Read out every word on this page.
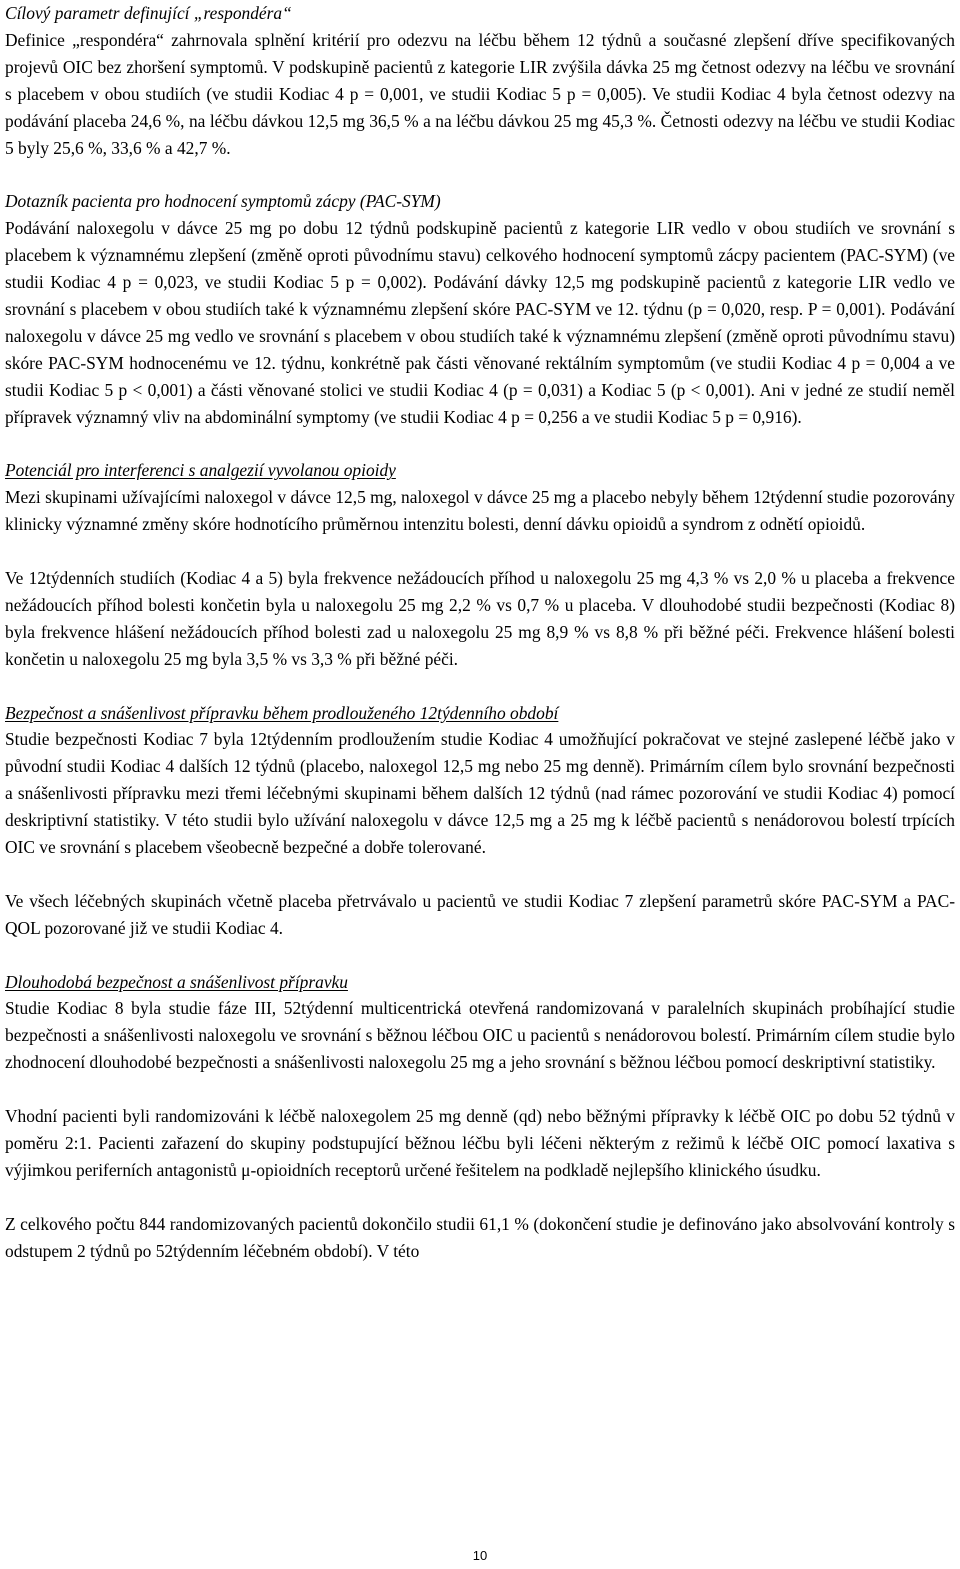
Cílový parametr definující „respondéra“

Definice „respondéra“ zahrnovala splnění kritérií pro odezvu na léčbu během 12 týdnů a současné zlepšení dříve specifikovaných projevů OIC bez zhoršení symptomů. V podskupině pacientů z kategorie LIR zvýšila dávka 25 mg četnost odezvy na léčbu ve srovnání s placebem v obou studiích (ve studii Kodiac 4 p = 0,001, ve studii Kodiac 5 p = 0,005). Ve studii Kodiac 4 byla četnost odezvy na podávání placeba 24,6 %, na léčbu dávkou 12,5 mg 36,5 % a na léčbu dávkou 25 mg 45,3 %. Četnosti odezvy na léčbu ve studii Kodiac 5 byly 25,6 %, 33,6 % a 42,7 %.

Dotazník pacienta pro hodnocení symptomů zácpy (PAC-SYM)

Podávání naloxegolu v dávce 25 mg po dobu 12 týdnů podskupině pacientů z kategorie LIR vedlo v obou studiích ve srovnání s placebem k významnému zlepšení (změně oproti původnímu stavu) celkového hodnocení symptomů zácpy pacientem (PAC-SYM) (ve studii Kodiac 4 p = 0,023, ve studii Kodiac 5 p = 0,002). Podávání dávky 12,5 mg podskupině pacientů z kategorie LIR vedlo ve srovnání s placebem v obou studiích také k významnému zlepšení skóre PAC-SYM ve 12. týdnu (p = 0,020, resp. P = 0,001). Podávání naloxegolu v dávce 25 mg vedlo ve srovnání s placebem v obou studiích také k významnému zlepšení (změně oproti původnímu stavu) skóre PAC-SYM hodnocenému ve 12. týdnu, konkrétně pak části věnované rektálním symptomům (ve studii Kodiac 4 p = 0,004 a ve studii Kodiac 5 p < 0,001) a části věnované stolici ve studii Kodiac 4 (p = 0,031) a Kodiac 5 (p < 0,001). Ani v jedné ze studií neměl přípravek významný vliv na abdominální symptomy (ve studii Kodiac 4 p = 0,256 a ve studii Kodiac 5 p = 0,916).

Potenciál pro interferenci s analgezií vyvolanou opioidy

Mezi skupinami užívajícími naloxegol v dávce 12,5 mg, naloxegol v dávce 25 mg a placebo nebyly během 12týdenní studie pozorovány klinicky významné změny skóre hodnotícího průměrnou intenzitu bolesti, denní dávku opioidů a syndrom z odnětí opioidů.

Ve 12týdenních studiích (Kodiac 4 a 5) byla frekvence nežádoucích příhod u naloxegolu 25 mg 4,3 % vs 2,0 % u placeba a frekvence nežádoucích příhod bolesti končetin byla u naloxegolu 25 mg 2,2 % vs 0,7 % u placeba. V dlouhodobé studii bezpečnosti (Kodiac 8) byla frekvence hlášení nežádoucích příhod bolesti zad u naloxegolu 25 mg 8,9 % vs 8,8 % při běžné péči. Frekvence hlášení bolesti končetin u naloxegolu 25 mg byla 3,5 % vs 3,3 % při běžné péči.

Bezpečnost a snášenlivost přípravku během prodlouženého 12týdenního období

Studie bezpečnosti Kodiac 7 byla 12týdenním prodloužením studie Kodiac 4 umožňující pokračovat ve stejné zaslepené léčbě jako v původní studii Kodiac 4 dalších 12 týdnů (placebo, naloxegol 12,5 mg nebo 25 mg denně). Primárním cílem bylo srovnání bezpečnosti a snášenlivosti přípravku mezi třemi léčebnými skupinami během dalších 12 týdnů (nad rámec pozorování ve studii Kodiac 4) pomocí deskriptivní statistiky. V této studii bylo užívání naloxegolu v dávce 12,5 mg a 25 mg k léčbě pacientů s nenádorovou bolestí trpících OIC ve srovnání s placebem všeobecně bezpečné a dobře tolerované.

Ve všech léčebných skupinách včetně placeba přetrvávalo u pacientů ve studii Kodiac 7 zlepšení parametrů skóre PAC-SYM a PAC-QOL pozorované již ve studii Kodiac 4.

Dlouhodobá bezpečnost a snášenlivost přípravku

Studie Kodiac 8 byla studie fáze III, 52týdenní multicentrická otevřená randomizovaná v paralelních skupinách probíhající studie bezpečnosti a snášenlivosti naloxegolu ve srovnání s běžnou léčbou OIC u pacientů s nenádorovou bolestí. Primárním cílem studie bylo zhodnocení dlouhodobé bezpečnosti a snášenlivosti naloxegolu 25 mg a jeho srovnání s běžnou léčbou pomocí deskriptivní statistiky.

Vhodní pacienti byli randomizováni k léčbě naloxegolem 25 mg denně (qd) nebo běžnými přípravky k léčbě OIC po dobu 52 týdnů v poměru 2:1. Pacienti zařazení do skupiny podstupující běžnou léčbu byli léčeni některým z režimů k léčbě OIC pomocí laxativa s výjimkou periferních antagonistů μ-opioidních receptorů určené řešitelem na podkladě nejlepšího klinického úsudku.

Z celkového počtu 844 randomizovaných pacientů dokončilo studii 61,1 % (dokončení studie je definováno jako absolvování kontroly s odstupem 2 týdnů po 52týdenním léčebném období). V této

10
